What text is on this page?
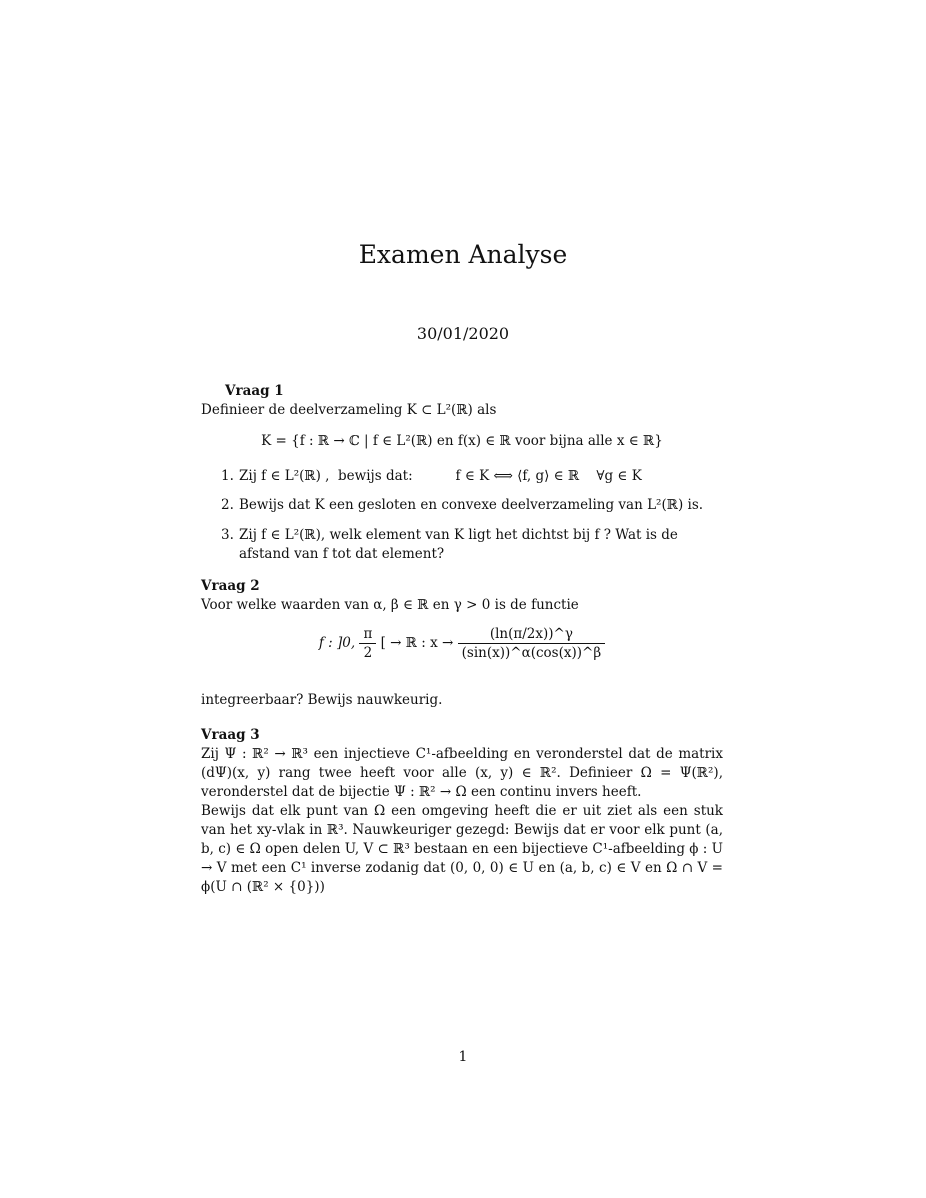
Examen Analyse
30/01/2020
Vraag 1
Definieer de deelverzameling K ⊂ L²(ℝ) als
K = {f : ℝ → ℂ | f ∈ L²(ℝ) en f(x) ∈ ℝ voor bijna alle x ∈ ℝ}
1. Zij f ∈ L²(ℝ) ,  bewijs dat:          f ∈ K ⟺ ⟨f, g⟩ ∈ ℝ    ∀g ∈ K
2. Bewijs dat K een gesloten en convexe deelverzameling van L²(ℝ) is.
3. Zij f ∈ L²(ℝ), welk element van K ligt het dichtst bij f ? Wat is de afstand van f tot dat element?
Vraag 2
Voor welke waarden van α, β ∈ ℝ en γ > 0 is de functie
f : ]0, $\frac{\pi}{2}$ [ → ℝ : $x \to \frac{(\ln(\pi/2x))\^{}\gamma}{(\sin(x))\^{}\alpha(\cos(x))\^{}\beta}$
integreerbaar? Bewijs nauwkeurig.
Vraag 3
Zij Ψ : ℝ² → ℝ³ een injectieve C¹-afbeelding en veronderstel dat de matrix (dΨ)(x, y) rang twee heeft voor alle (x, y) ∈ ℝ². Definieer Ω = Ψ(ℝ²), veronderstel dat de bijectie Ψ : ℝ² → Ω een continu invers heeft.
Bewijs dat elk punt van Ω een omgeving heeft die er uit ziet als een stuk van het xy-vlak in ℝ³. Nauwkeuriger gezegd: Bewijs dat er voor elk punt (a, b, c) ∈ Ω open delen U, V ⊂ ℝ³ bestaan en een bijectieve C¹-afbeelding ϕ : U → V met een C¹ inverse zodanig dat (0, 0, 0) ∈ U en (a, b, c) ∈ V en Ω ∩ V = ϕ(U ∩ (ℝ² × {0}))
1
